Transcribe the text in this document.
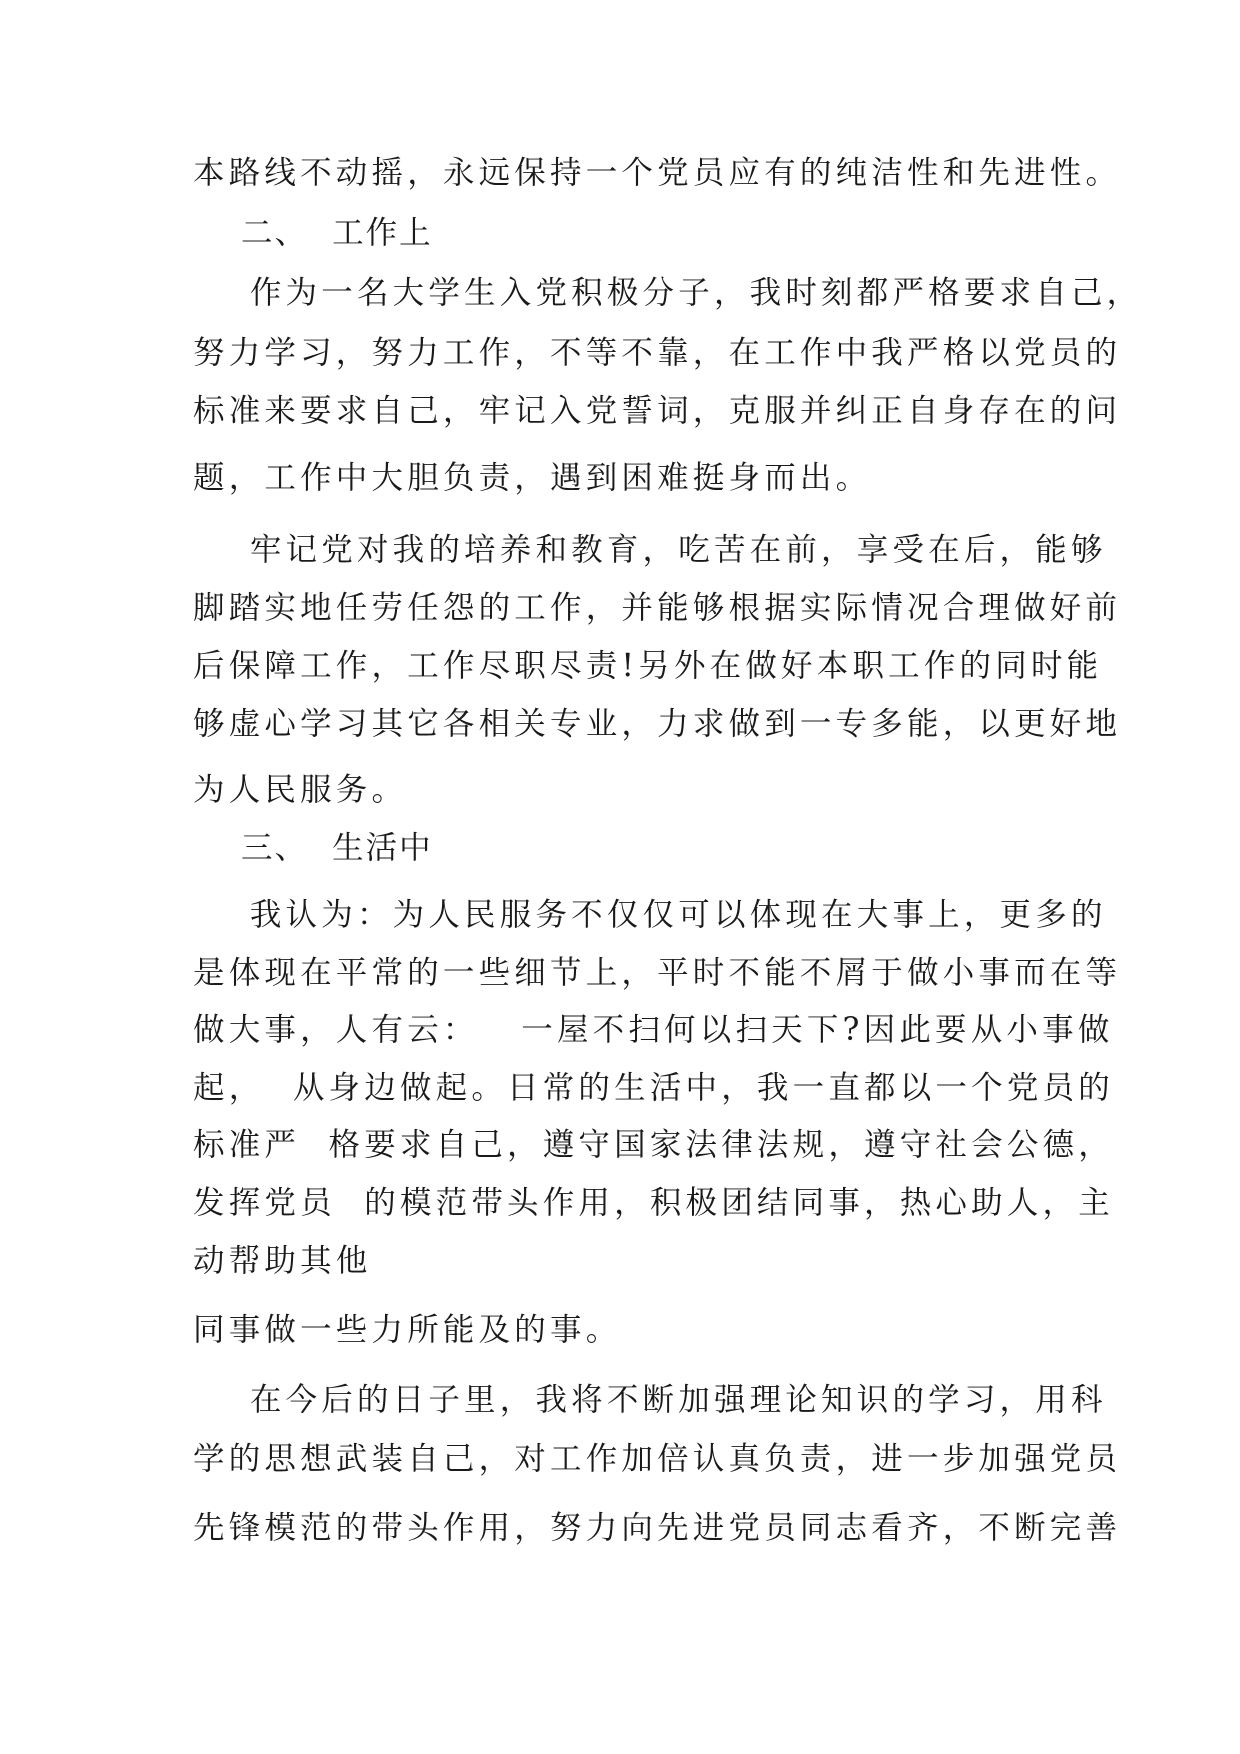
本路线不动摇，永远保持一个党员应有的纯洁性和先进性。

二、  工作上

作为一名大学生入党积极分子，我时刻都严格要求自己，

努力学习，努力工作，不等不靠，在工作中我严格以党员的

标准来要求自己，牢记入党誓词，克服并纠正自身存在的问

题，工作中大胆负责，遇到困难挺身而出。

牢记党对我的培养和教育，吃苦在前，享受在后，能够

脚踏实地任劳任怨的工作，并能够根据实际情况合理做好前

后保障工作，工作尽职尽责!另外在做好本职工作的同时能

够虚心学习其它各相关专业，力求做到一专多能，以更好地

为人民服务。

三、  生活中

我认为：为人民服务不仅仅可以体现在大事上，更多的

是体现在平常的一些细节上，平时不能不屑于做小事而在等

做大事，人有云：   一屋不扫何以扫天下?因此要从小事做

起，  从身边做起。日常的生活中，我一直都以一个党员的

标准严  格要求自己，遵守国家法律法规，遵守社会公德，

发挥党员  的模范带头作用，积极团结同事，热心助人，主

动帮助其他

同事做一些力所能及的事。

在今后的日子里，我将不断加强理论知识的学习，用科

学的思想武装自己，对工作加倍认真负责，进一步加强党员

先锋模范的带头作用，努力向先进党员同志看齐，不断完善
